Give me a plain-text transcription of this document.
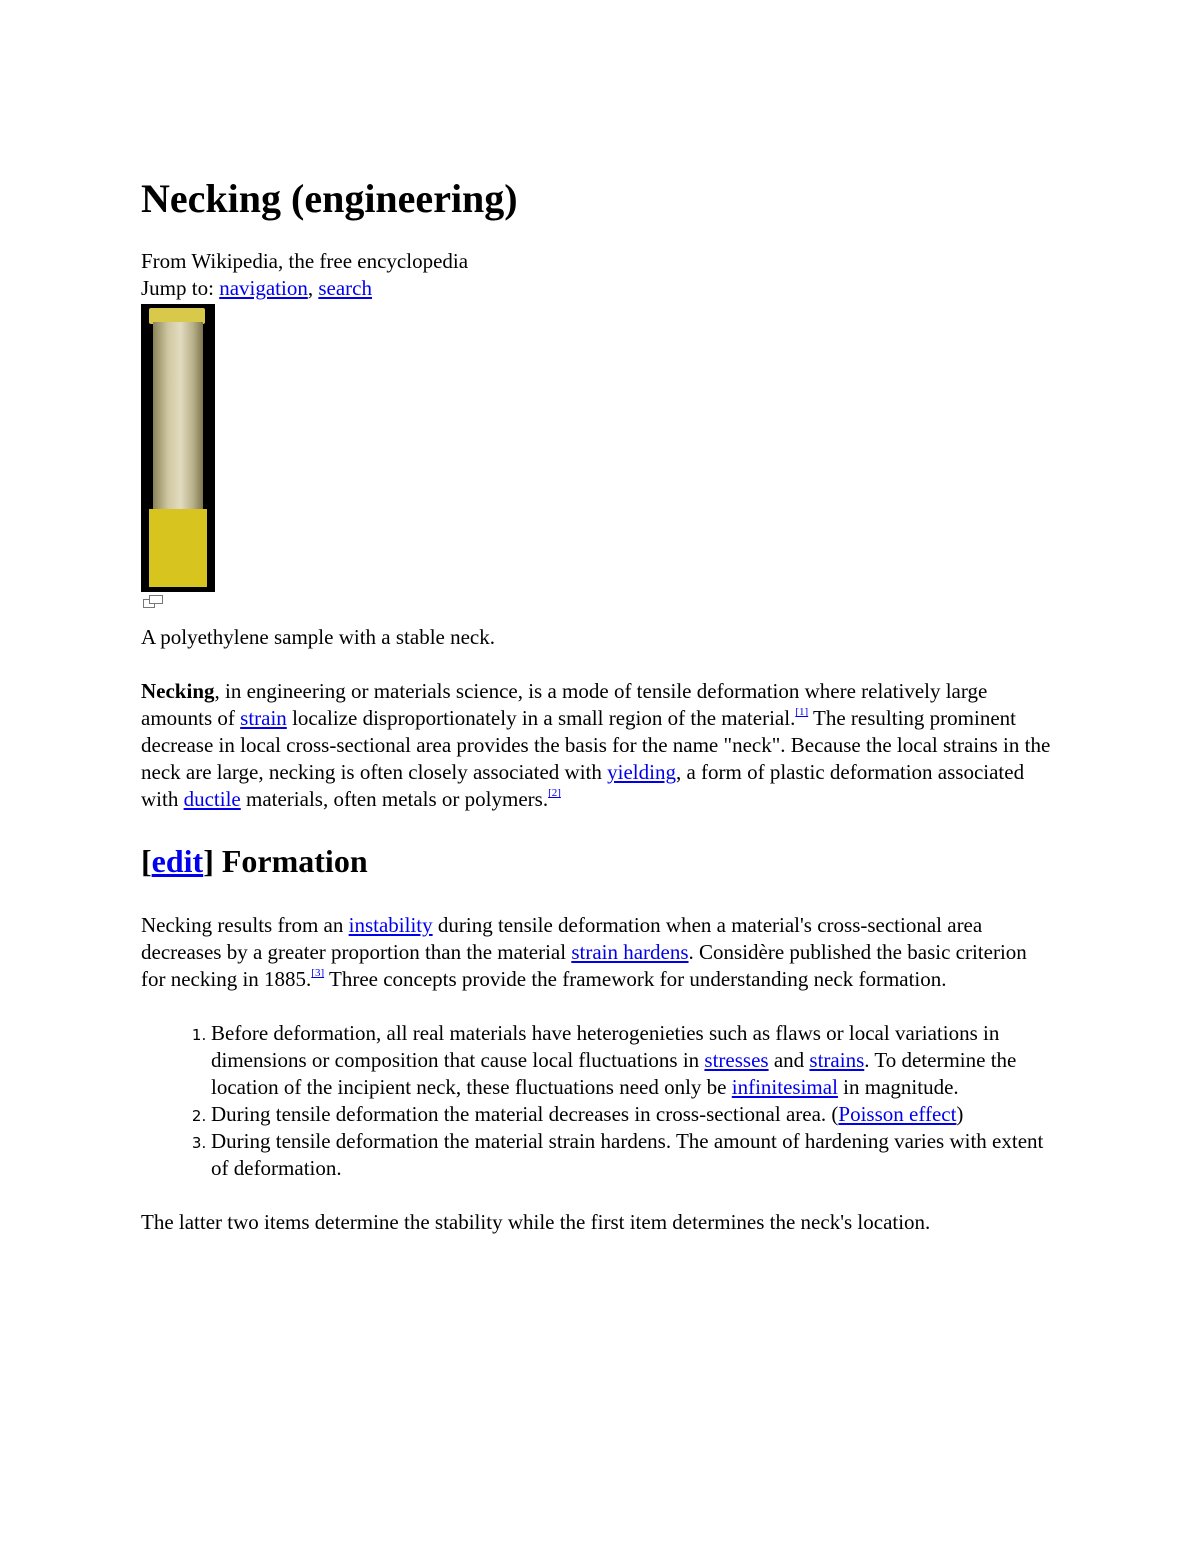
Necking (engineering)
From Wikipedia, the free encyclopedia
Jump to: navigation, search
A polyethylene sample with a stable neck.

Necking, in engineering or materials science, is a mode of tensile deformation where relatively large amounts of strain localize disproportionately in a small region of the material.[1] The resulting prominent decrease in local cross-sectional area provides the basis for the name "neck". Because the local strains in the neck are large, necking is often closely associated with yielding, a form of plastic deformation associated with ductile materials, often metals or polymers.[2]

[edit] Formation

Necking results from an instability during tensile deformation when a material's cross-sectional area decreases by a greater proportion than the material strain hardens. Considère published the basic criterion for necking in 1885.[3] Three concepts provide the framework for understanding neck formation.

1. Before deformation, all real materials have heterogenieties such as flaws or local variations in dimensions or composition that cause local fluctuations in stresses and strains. To determine the location of the incipient neck, these fluctuations need only be infinitesimal in magnitude.
2. During tensile deformation the material decreases in cross-sectional area. (Poisson effect)
3. During tensile deformation the material strain hardens. The amount of hardening varies with extent of deformation.

The latter two items determine the stability while the first item determines the neck's location.
